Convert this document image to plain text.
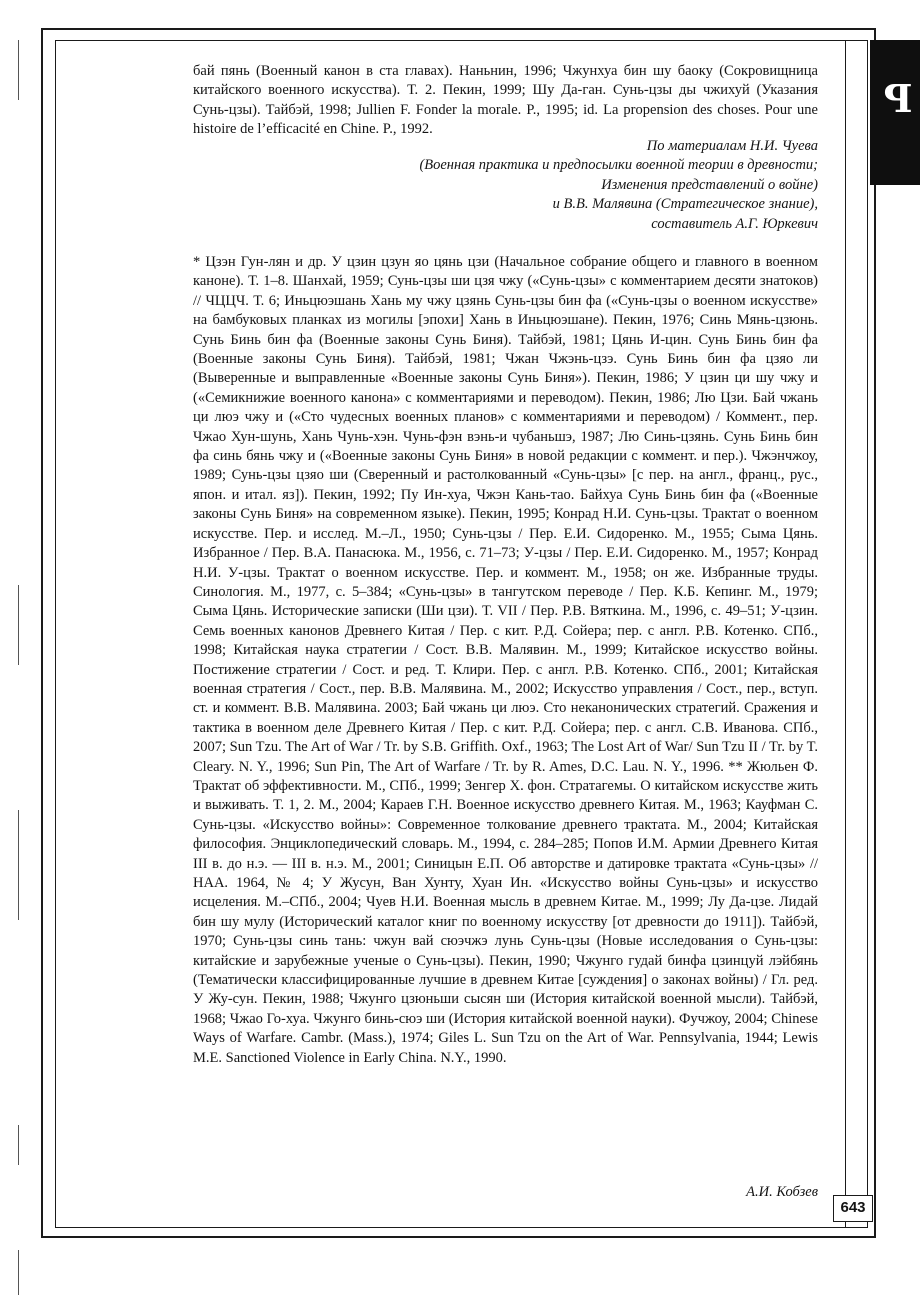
ꟼ
бай пянь (Военный канон в ста главах). Наньнин, 1996; Чжунхуа бин шу баоку (Сокровищница китайского военного искусства). Т. 2. Пекин, 1999; Шу Да-ган. Сунь-цзы ды чжихуй (Указания Сунь-цзы). Тайбэй, 1998; Jullien F. Fonder la morale. P., 1995; id. La propension des choses. Pour une histoire de l’efficacité en Chine. P., 1992.
По материалам Н.И. Чуева
(Военная практика и предпосылки военной теории в древности;
Изменения представлений о войне)
и В.В. Малявина (Стратегическое знание),
составитель А.Г. Юркевич
* Цзэн Гун-лян и др. У цзин цзун яо цянь цзи (Начальное собрание общего и главного в военном каноне). Т. 1–8. Шанхай, 1959; Сунь-цзы ши цзя чжу («Сунь-цзы» с комментарием десяти знатоков) // ЧЦЦЧ. Т. 6; Иньцюэшань Хань му чжу цзянь Сунь-цзы бин фа («Сунь-цзы о военном искусстве» на бамбуковых планках из могилы [эпохи] Хань в Иньцюэшане). Пекин, 1976; Синь Мянь-цзюнь. Сунь Бинь бин фа (Военные законы Сунь Биня). Тайбэй, 1981; Цянь И-цин. Сунь Бинь бин фа (Военные законы Сунь Биня). Тайбэй, 1981; Чжан Чжэнь-цзэ. Сунь Бинь бин фа цзяо ли (Выверенные и выправленные «Военные законы Сунь Биня»). Пекин, 1986; У цзин ци шу чжу и («Семикнижие военного канона» с комментариями и переводом). Пекин, 1986; Лю Цзи. Бай чжань ци люэ чжу и («Сто чудесных военных планов» с комментариями и переводом) / Коммент., пер. Чжао Хун-шунь, Хань Чунь-хэн. Чунь-фэн вэнь-и чубаньшэ, 1987; Лю Синь-цзянь. Сунь Бинь бин фа синь бянь чжу и («Военные законы Сунь Биня» в новой редакции с коммент. и пер.). Чжэнчжоу, 1989; Сунь-цзы цзяо ши (Сверенный и растолкованный «Сунь-цзы» [с пер. на англ., франц., рус., япон. и итал. яз]). Пекин, 1992; Пу Ин-хуа, Чжэн Кань-тао. Байхуа Сунь Бинь бин фа («Военные законы Сунь Биня» на современном языке). Пекин, 1995; Конрад Н.И. Сунь-цзы. Трактат о военном искусстве. Пер. и исслед. М.–Л., 1950; Сунь-цзы / Пер. Е.И. Сидоренко. М., 1955; Сыма Цянь. Избранное / Пер. В.А. Панасюка. М., 1956, с. 71–73; У-цзы / Пер. Е.И. Сидоренко. М., 1957; Конрад Н.И. У-цзы. Трактат о военном искусстве. Пер. и коммент. М., 1958; он же. Избранные труды. Синология. М., 1977, с. 5–384; «Сунь-цзы» в тангутском переводе / Пер. К.Б. Кепинг. М., 1979; Сыма Цянь. Исторические записки (Ши цзи). Т. VII / Пер. Р.В. Вяткина. М., 1996, с. 49–51; У-цзин. Семь военных канонов Древнего Китая / Пер. с кит. Р.Д. Сойера; пер. с англ. Р.В. Котенко. СПб., 1998; Китайская наука стратегии / Сост. В.В. Малявин. М., 1999; Китайское искусство войны. Постижение стратегии / Сост. и ред. Т. Клири. Пер. с англ. Р.В. Котенко. СПб., 2001; Китайская военная стратегия / Сост., пер. В.В. Малявина. М., 2002; Искусство управления / Сост., пер., вступ. ст. и коммент. В.В. Малявина. 2003; Бай чжань ци люэ. Сто неканонических стратегий. Сражения и тактика в военном деле Древнего Китая / Пер. с кит. Р.Д. Сойера; пер. с англ. С.В. Иванова. СПб., 2007; Sun Tzu. The Art of War / Tr. by S.B. Griffith. Oxf., 1963; The Lost Art of War/ Sun Tzu II / Tr. by T. Cleary. N. Y., 1996; Sun Pin, The Art of Warfare / Tr. by R. Ames, D.C. Lau. N. Y., 1996. ** Жюльен Ф. Трактат об эффективности. М., СПб., 1999; Зенгер Х. фон. Стратагемы. О китайском искусстве жить и выживать. Т. 1, 2. М., 2004; Караев Г.Н. Военное искусство древнего Китая. М., 1963; Кауфман С. Сунь-цзы. «Искусство войны»: Современное толкование древнего трактата. М., 2004; Китайская философия. Энциклопедический словарь. М., 1994, с. 284–285; Попов И.М. Армии Древнего Китая III в. до н.э. — III в. н.э. М., 2001; Синицын Е.П. Об авторстве и датировке трактата «Сунь-цзы» // НАА. 1964, № 4; У Жусун, Ван Хунту, Хуан Ин. «Искусство войны Сунь-цзы» и искусство исцеления. М.–СПб., 2004; Чуев Н.И. Военная мысль в древнем Китае. М., 1999; Лу Да-цзе. Лидай бин шу мулу (Исторический каталог книг по военному искусству [от древности до 1911]). Тайбэй, 1970; Сунь-цзы синь тань: чжун вай сюэчжэ лунь Сунь-цзы (Новые исследования о Сунь-цзы: китайские и зарубежные ученые о Сунь-цзы). Пекин, 1990; Чжунго гудай бинфа цзинцуй лэйбянь (Тематически классифицированные лучшие в древнем Китае [суждения] о законах войны) / Гл. ред. У Жу-сун. Пекин, 1988; Чжунго цзюньши сысян ши (История китайской военной мысли). Тайбэй, 1968; Чжао Го-хуа. Чжунго бинь-сюэ ши (История китайской военной науки). Фучжоу, 2004; Chinese Ways of Warfare. Cambr. (Mass.), 1974; Giles L. Sun Tzu on the Art of War. Pennsylvania, 1944; Lewis M.E. Sanctioned Violence in Early China. N.Y., 1990.
А.И. Кобзев
643
